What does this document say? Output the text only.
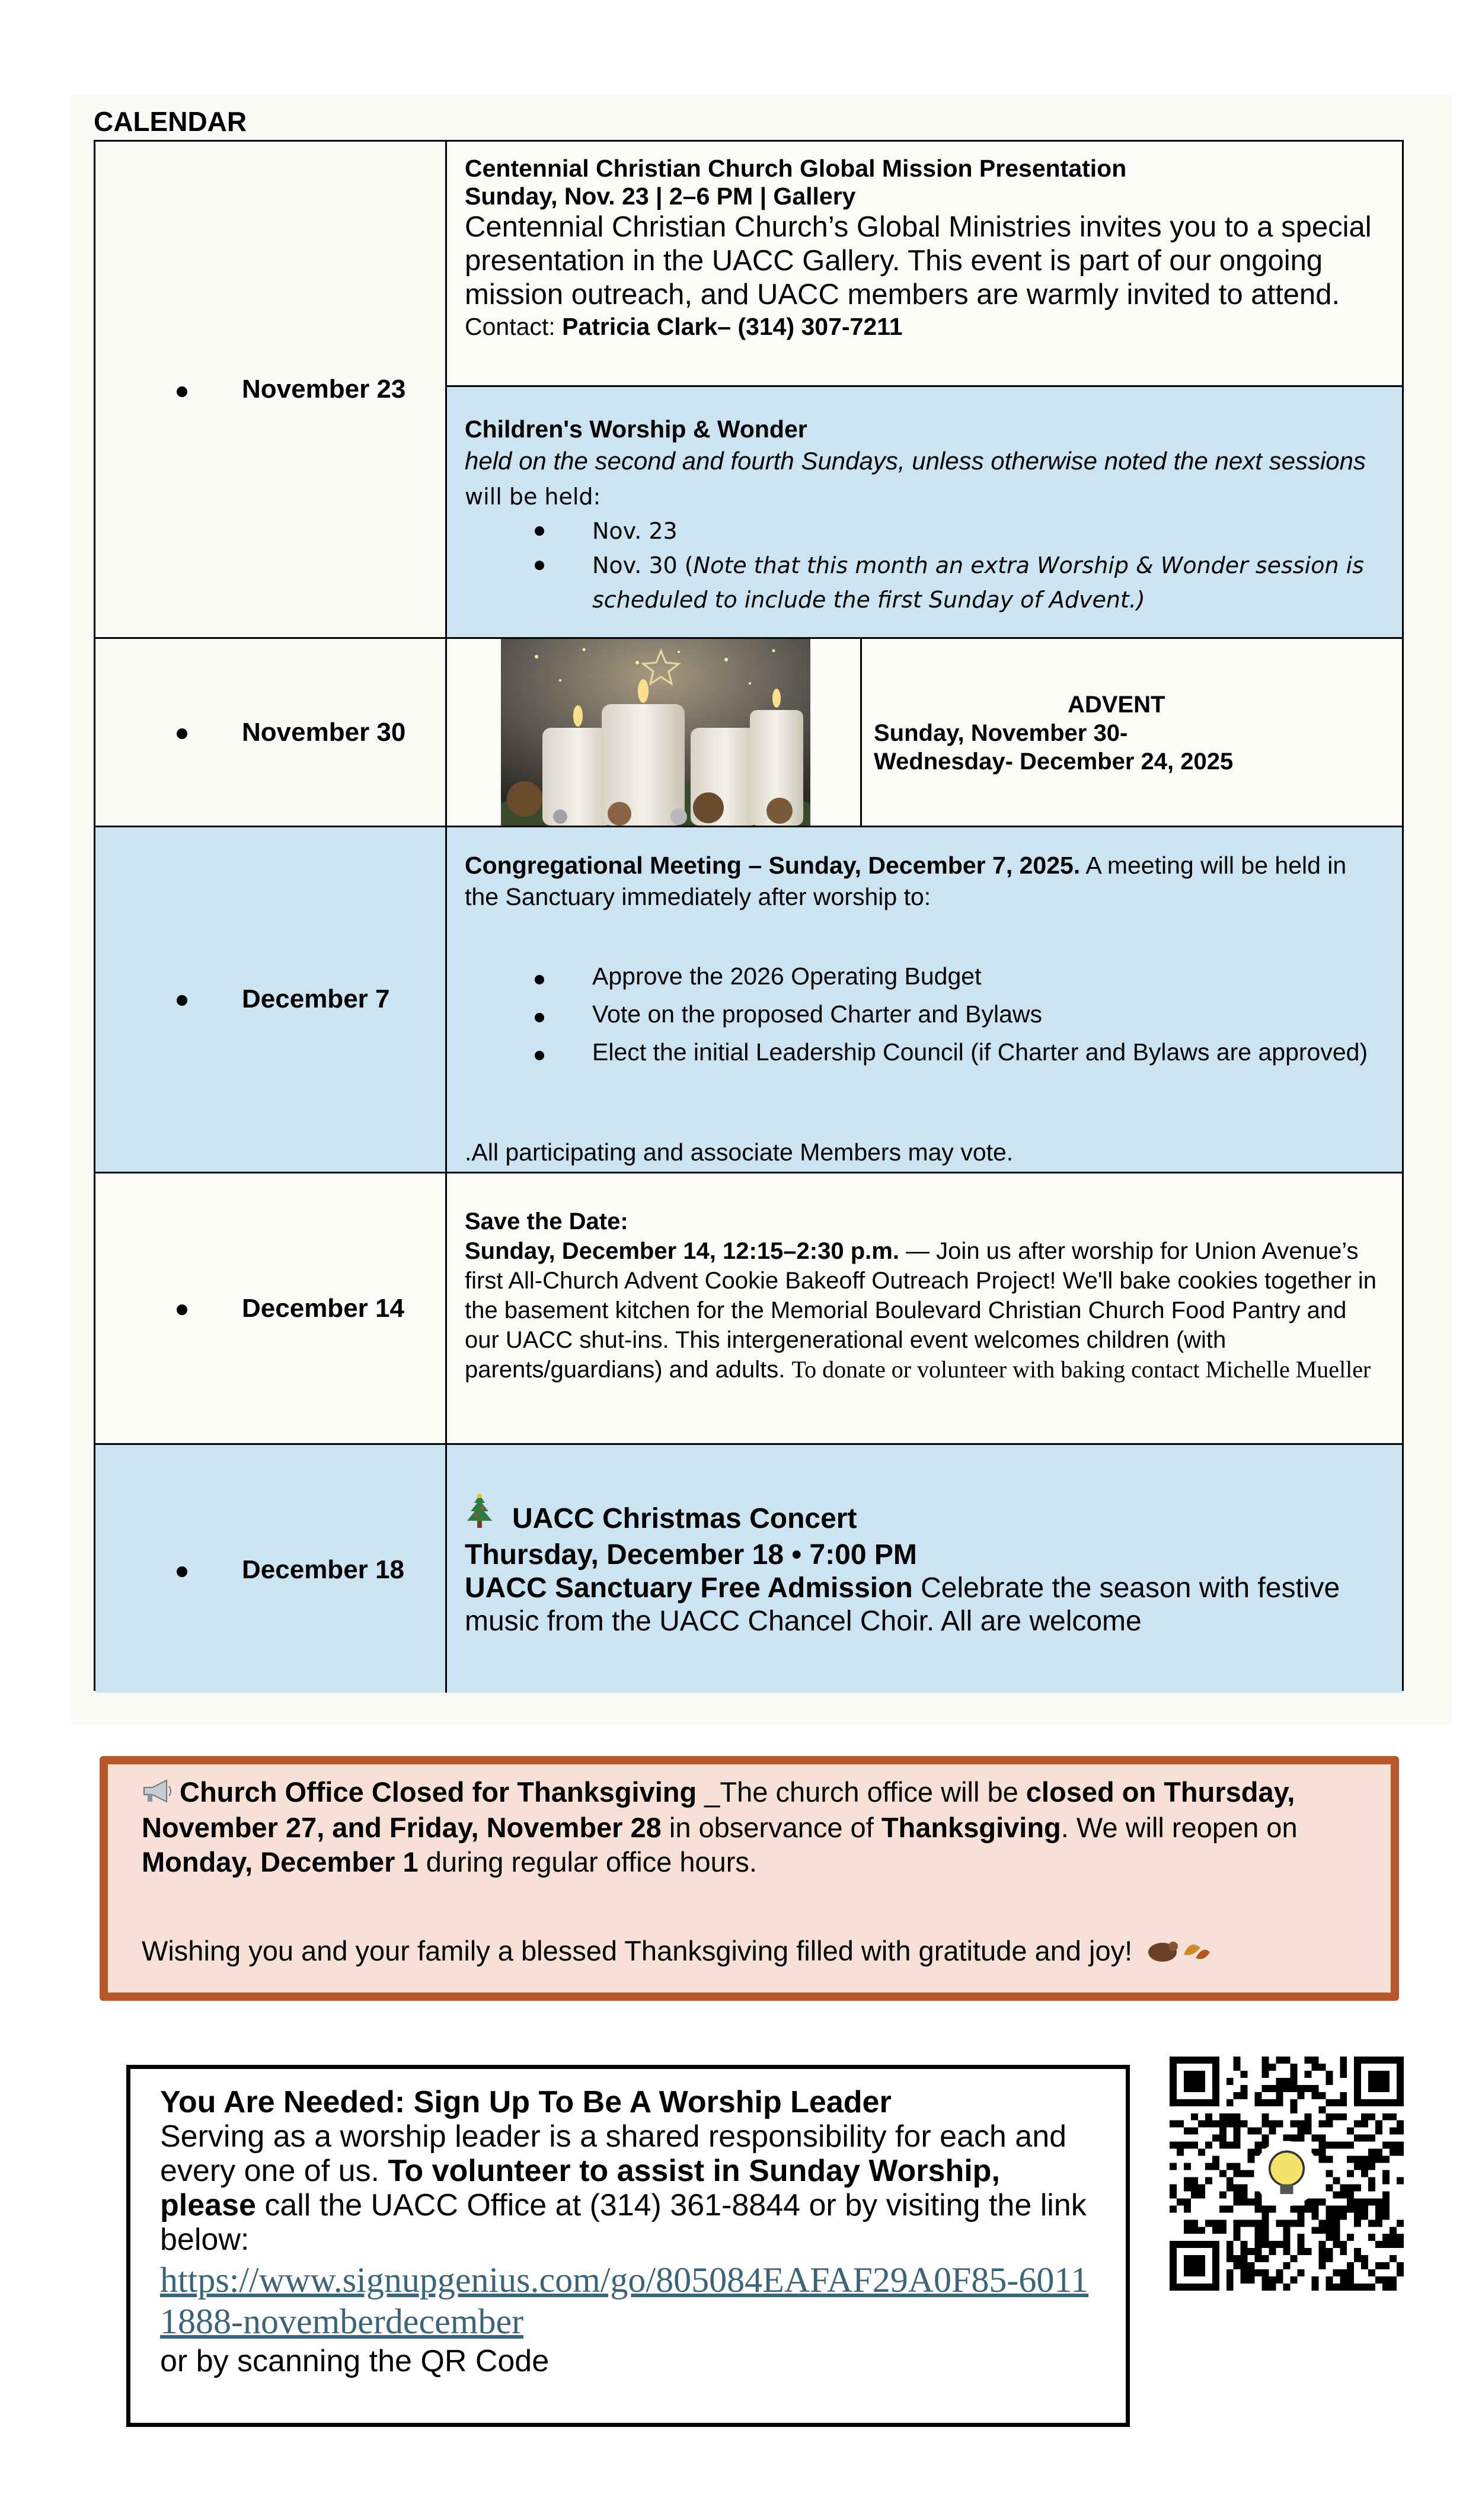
CALENDAR
November 23
Centennial Christian Church Global Mission Presentation
Sunday, Nov. 23 | 2–6 PM | Gallery
Centennial Christian Church’s Global Ministries invites you to a special presentation in the UACC Gallery. This event is part of our ongoing mission outreach, and UACC members are warmly invited to attend.
Contact: Patricia Clark– (314) 307-7211
Children's Worship & Wonder
held on the second and fourth Sundays, unless otherwise noted the next sessions will be held:
Nov. 23
Nov. 30 (Note that this month an extra Worship & Wonder session is scheduled to include the first Sunday of Advent.)
November 30
ADVENT
Sunday, November 30-
Wednesday- December 24, 2025
December 7
Congregational Meeting – Sunday, December 7, 2025. A meeting will be held in the Sanctuary immediately after worship to:
Approve the 2026 Operating Budget
Vote on the proposed Charter and Bylaws
Elect the initial Leadership Council (if Charter and Bylaws are approved)
.All participating and associate Members may vote.
December 14
Save the Date:
Sunday, December 14, 12:15–2:30 p.m. — Join us after worship for Union Avenue’s first All-Church Advent Cookie Bakeoff Outreach Project! We'll bake cookies together in the basement kitchen for the Memorial Boulevard Christian Church Food Pantry and our UACC shut-ins. This intergenerational event welcomes children (with parents/guardians) and adults. To donate or volunteer with baking contact Michelle Mueller
December 18
UACC Christmas Concert
Thursday, December 18 • 7:00 PM
UACC Sanctuary Free Admission Celebrate the season with festive music from the UACC Chancel Choir. All are welcome
Church Office Closed for Thanksgiving _The church office will be closed on Thursday, November 27, and Friday, November 28 in observance of Thanksgiving. We will reopen on Monday, December 1 during regular office hours.
Wishing you and your family a blessed Thanksgiving filled with gratitude and joy!
You Are Needed: Sign Up To Be A Worship Leader
Serving as a worship leader is a shared responsibility for each and every one of us. To volunteer to assist in Sunday Worship, please call the UACC Office at (314) 361-8844 or by visiting the link below:
https://www.signupgenius.com/go/805084EAFAF29A0F85-60111888-novemberdecember
or by scanning the QR Code
